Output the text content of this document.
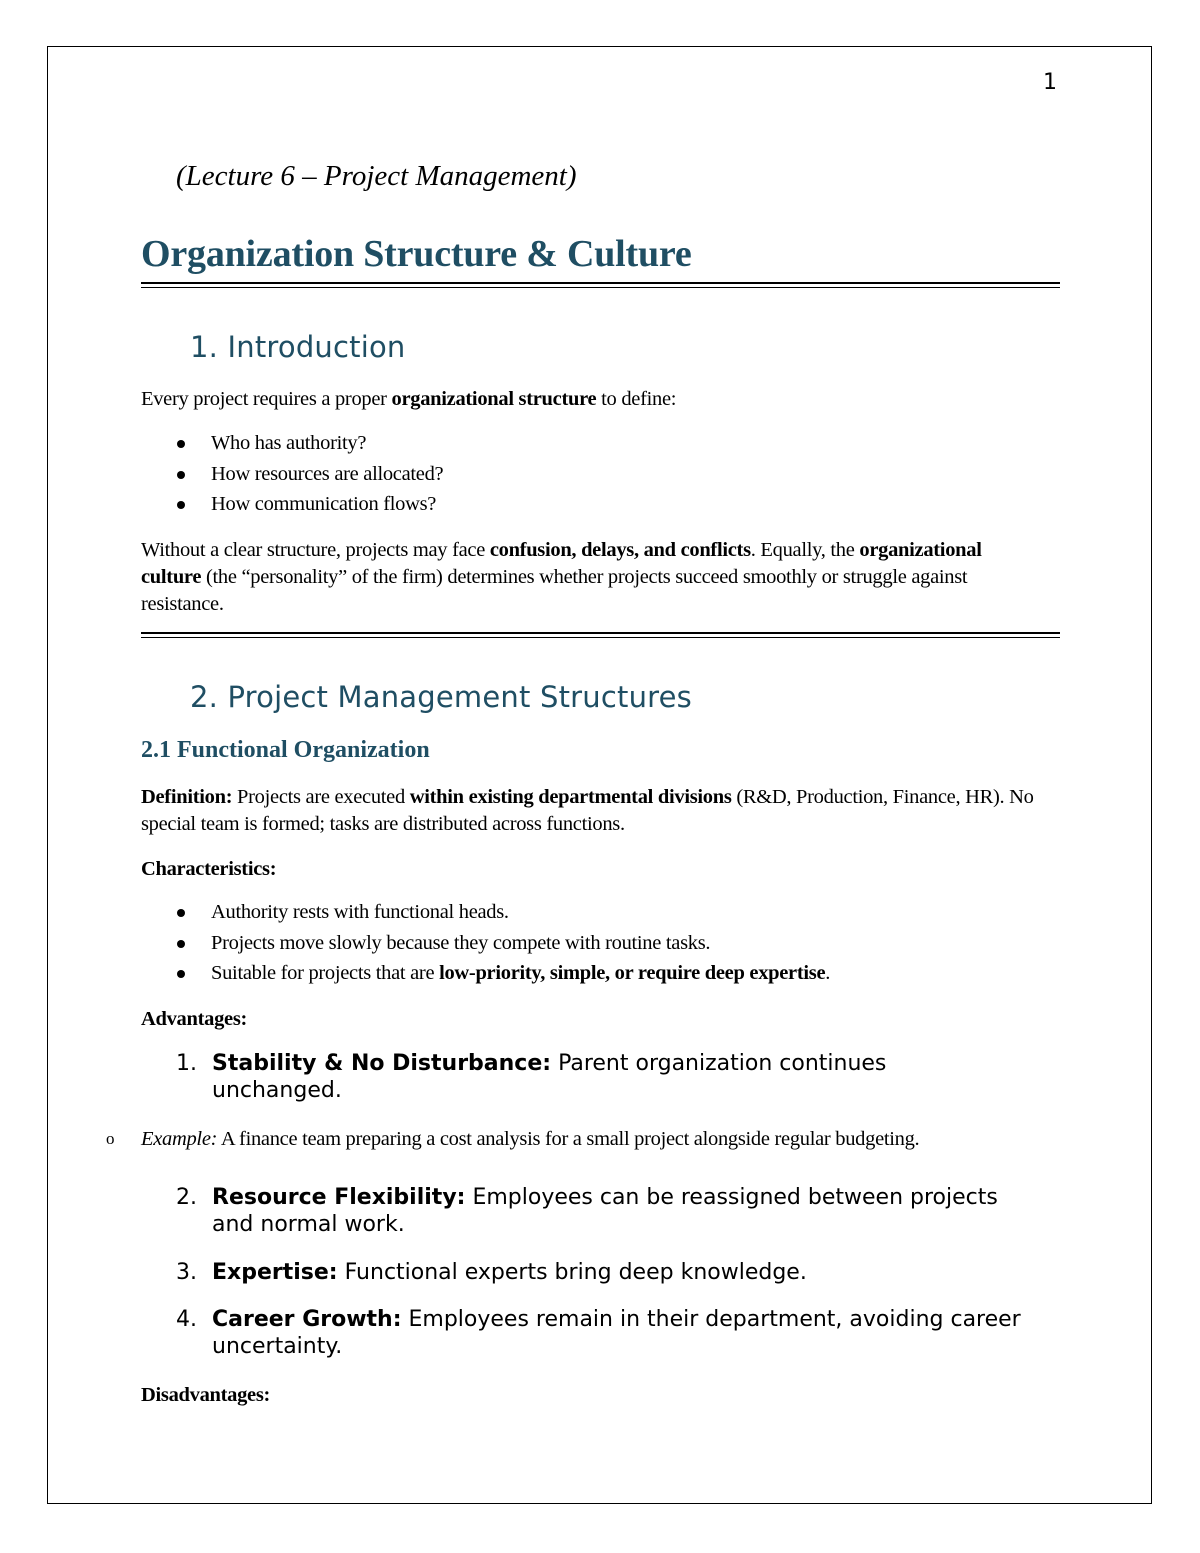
1
(Lecture 6 – Project Management)
Organization Structure & Culture
1. Introduction

Every project requires a proper organizational structure to define:

Who has authority?
How resources are allocated?
How communication flows?

Without a clear structure, projects may face confusion, delays, and conflicts. Equally, the organizational culture (the “personality” of the firm) determines whether projects succeed smoothly or struggle against resistance.

2. Project Management Structures
2.1 Functional Organization

Definition: Projects are executed within existing departmental divisions (R&D, Production, Finance, HR). No special team is formed; tasks are distributed across functions.

Characteristics:

Authority rests with functional heads.
Projects move slowly because they compete with routine tasks.
Suitable for projects that are low-priority, simple, or require deep expertise.

Advantages:

1. Stability & No Disturbance: Parent organization continues unchanged.
o Example: A finance team preparing a cost analysis for a small project alongside regular budgeting.
2. Resource Flexibility: Employees can be reassigned between projects and normal work.
3. Expertise: Functional experts bring deep knowledge.
4. Career Growth: Employees remain in their department, avoiding career uncertainty.

Disadvantages:
